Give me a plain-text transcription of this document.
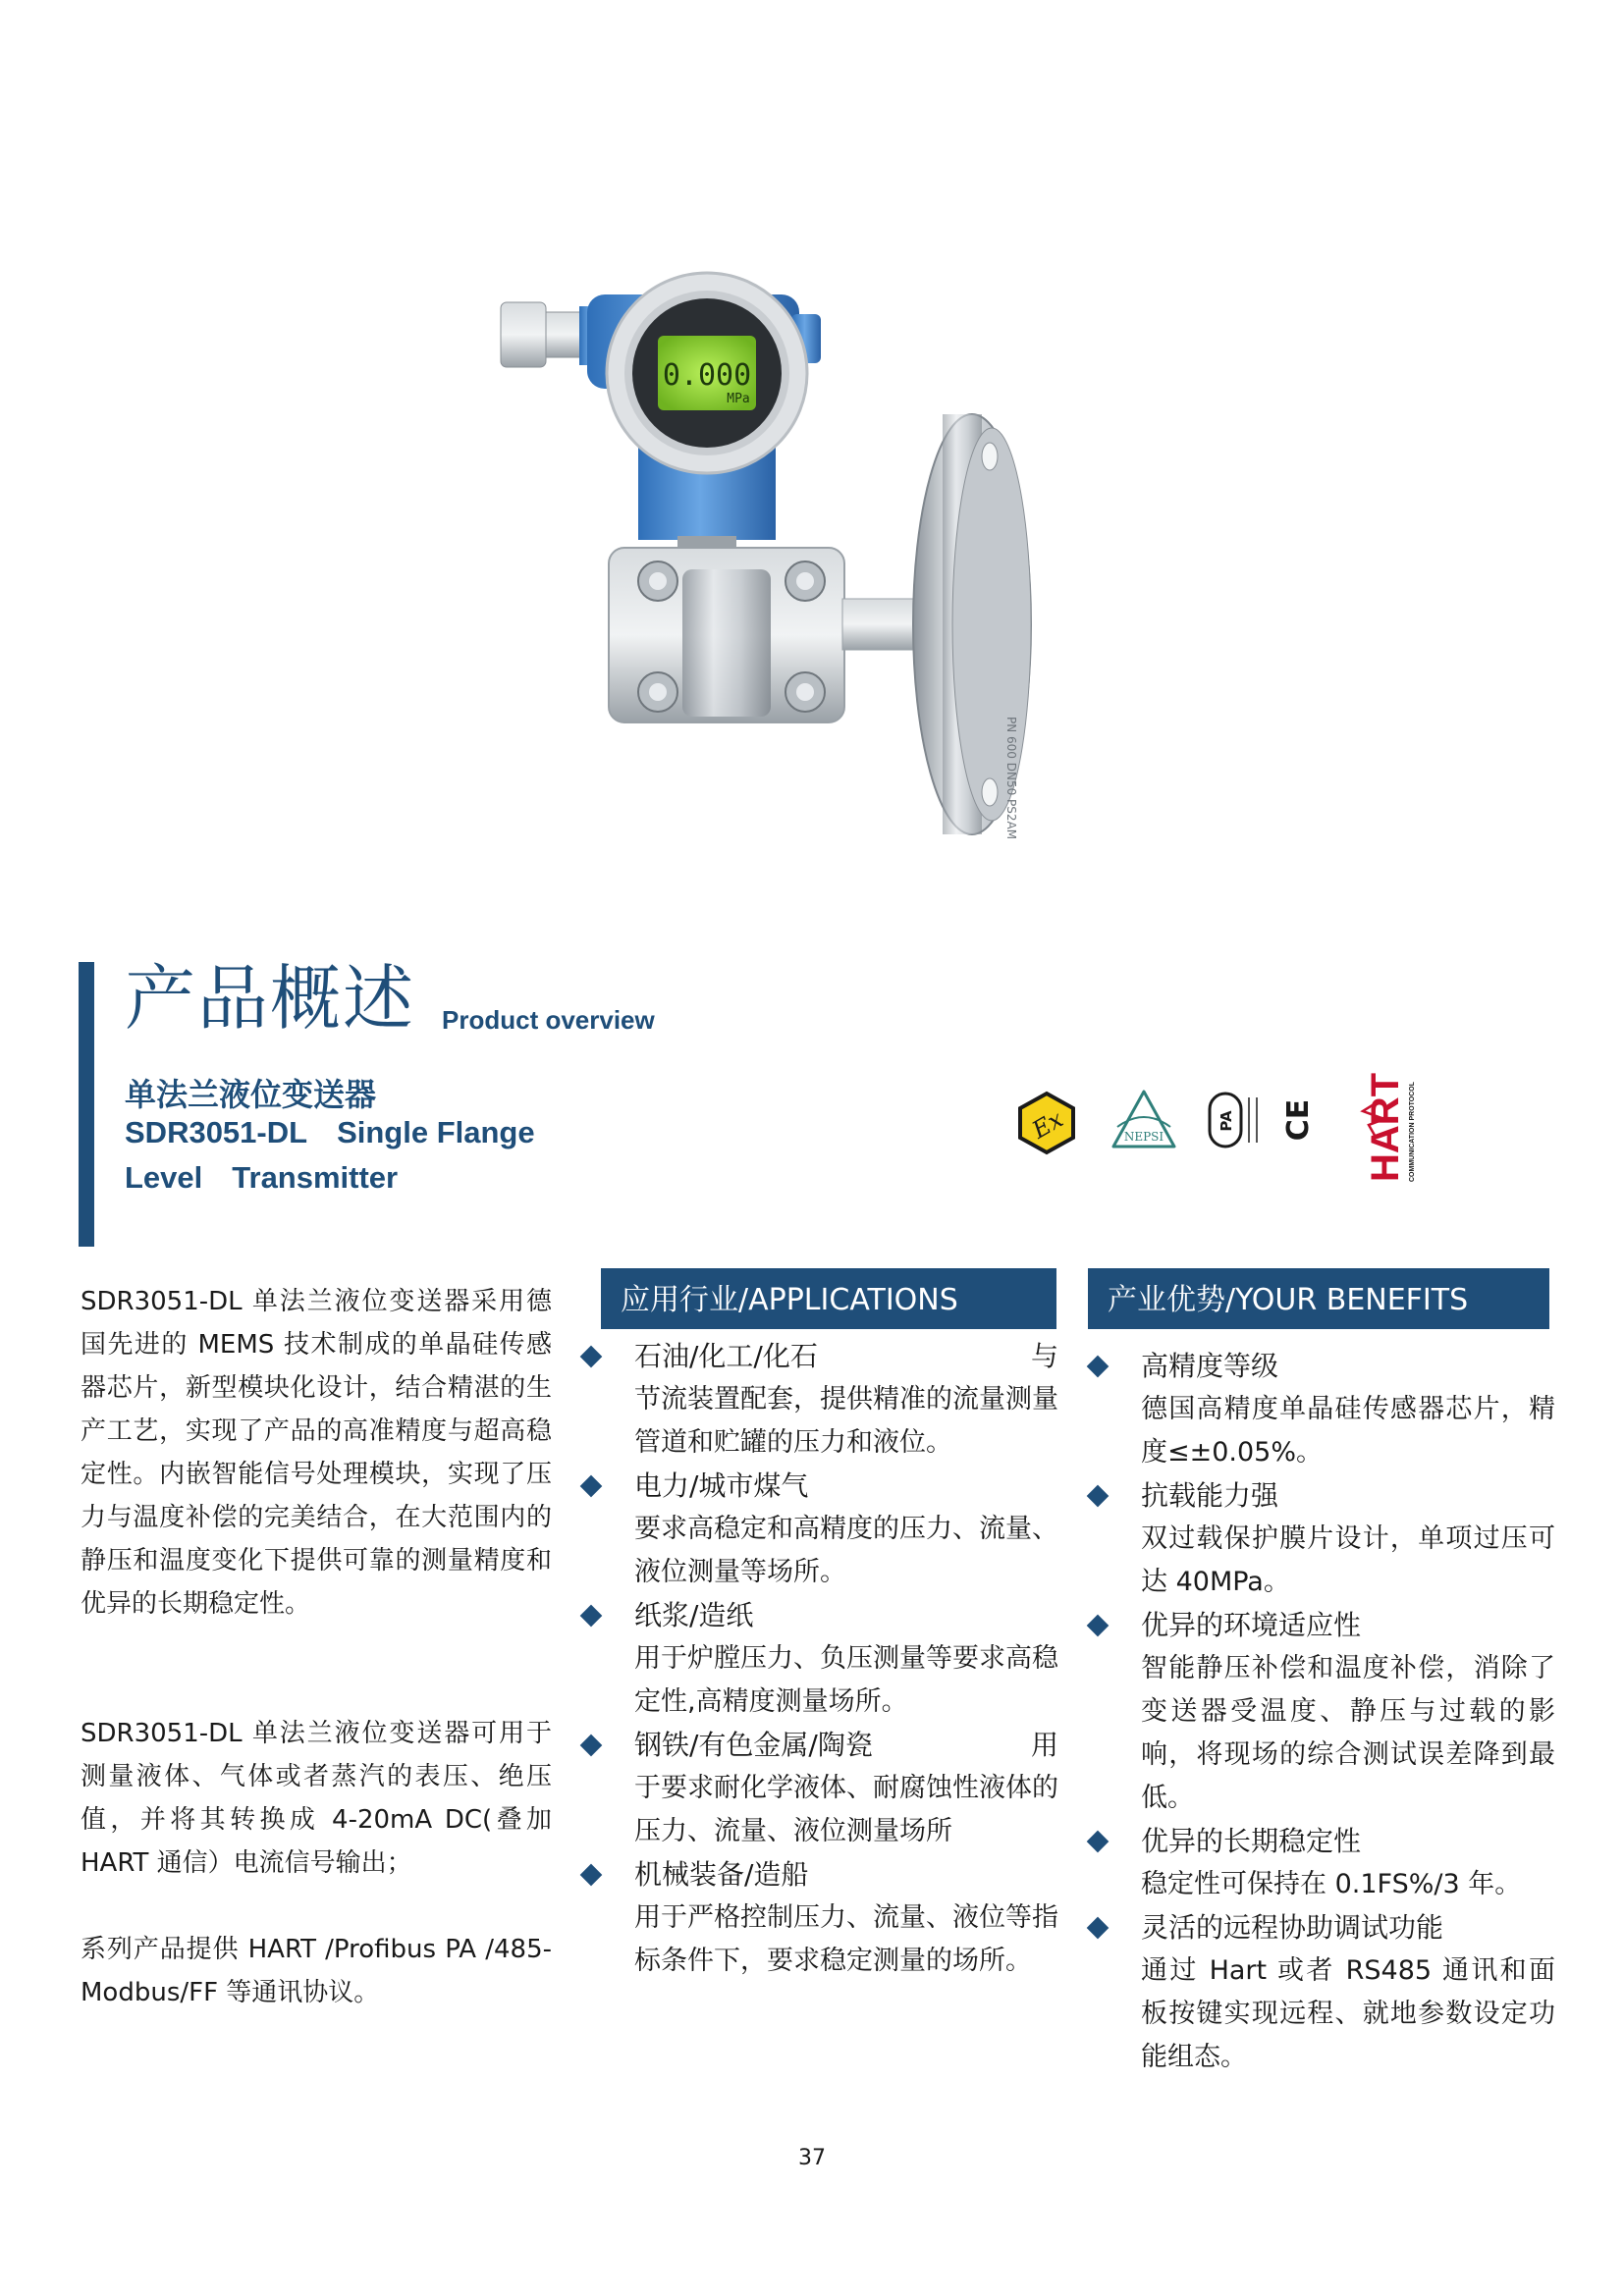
0.000
MPa
PN 600 DN50 PS2AM
产品概述 Product overview
单法兰液位变送器
SDR3051-DL Single Flange
Level Transmitter
Ex	NEPSI
PA CE HART COMMUNICATION PROTOCOL
SDR3051-DL 单法兰液位变送器采用德国先进的 MEMS 技术制成的单晶硅传感器芯片，新型模块化设计，结合精湛的生产工艺，实现了产品的高准精度与超高稳定性。内嵌智能信号处理模块，实现了压力与温度补偿的完美结合，在大范围内的静压和温度变化下提供可靠的测量精度和优异的长期稳定性。
SDR3051-DL 单法兰液位变送器可用于测量液体、气体或者蒸汽的表压、绝压值，并将其转换成 4-20mA DC(叠加 HART 通信）电流信号输出；
系列产品提供 HART /Profibus PA /485-Modbus/FF 等通讯协议。
应用行业/APPLICATIONS
石油/化工/化石	与
节流装置配套，提供精准的流量测量管道和贮罐的压力和液位。
电力/城市煤气
要求高稳定和高精度的压力、流量、液位测量等场所。
纸浆/造纸
用于炉膛压力、负压测量等要求高稳定性,高精度测量场所。
钢铁/有色金属/陶瓷	用
于要求耐化学液体、耐腐蚀性液体的压力、流量、液位测量场所
机械装备/造船
用于严格控制压力、流量、液位等指标条件下，要求稳定测量的场所。
产业优势/YOUR BENEFITS
高精度等级
德国高精度单晶硅传感器芯片，精度≤±0.05%。
抗载能力强
双过载保护膜片设计，单项过压可达 40MPa。
优异的环境适应性
智能静压补偿和温度补偿，消除了变送器受温度、静压与过载的影响，将现场的综合测试误差降到最低。
优异的长期稳定性
稳定性可保持在 0.1FS%/3 年。
灵活的远程协助调试功能
通过 Hart 或者 RS485 通讯和面板按键实现远程、就地参数设定功能组态。
37
